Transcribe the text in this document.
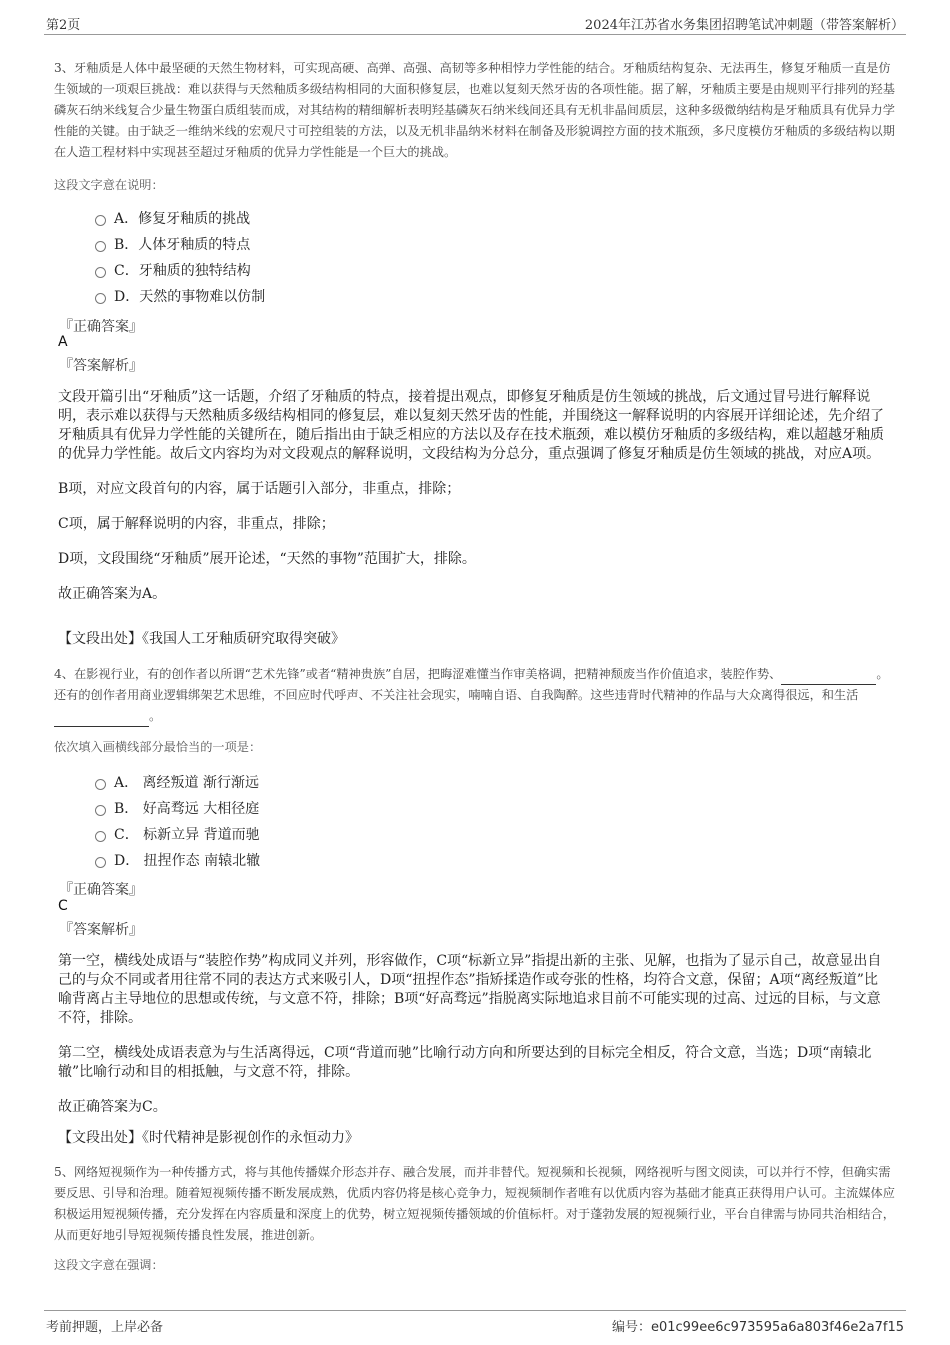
第2页	2024年江苏省水务集团招聘笔试冲刺题（带答案解析）

3、牙釉质是人体中最坚硬的天然生物材料，可实现高硬、高弹、高强、高韧等多种相悖力学性能的结合。牙釉质结构复杂、无法再生，修复牙釉质一直是仿生领域的一项艰巨挑战：难以获得与天然釉质多级结构相同的大面积修复层，也难以复刻天然牙齿的各项性能。据了解，牙釉质主要是由规则平行排列的羟基磷灰石纳米线复合少量生物蛋白质组装而成，对其结构的精细解析表明羟基磷灰石纳米线间还具有无机非晶间质层，这种多级微纳结构是牙釉质具有优异力学性能的关键。由于缺乏一维纳米线的宏观尺寸可控组装的方法，以及无机非晶纳米材料在制备及形貌调控方面的技术瓶颈，多尺度模仿牙釉质的多级结构以期在人造工程材料中实现甚至超过牙釉质的优异力学性能是一个巨大的挑战。

这段文字意在说明：
A．修复牙釉质的挑战
B．人体牙釉质的特点
C．牙釉质的独特结构
D．天然的事物难以仿制
『正确答案』
A
『答案解析』

文段开篇引出“牙釉质”这一话题，介绍了牙釉质的特点，接着提出观点，即修复牙釉质是仿生领域的挑战，后文通过冒号进行解释说明，表示难以获得与天然釉质多级结构相同的修复层，难以复刻天然牙齿的性能，并围绕这一解释说明的内容展开详细论述，先介绍了牙釉质具有优异力学性能的关键所在，随后指出由于缺乏相应的方法以及存在技术瓶颈，难以模仿牙釉质的多级结构，难以超越牙釉质的优异力学性能。故后文内容均为对文段观点的解释说明，文段结构为分总分，重点强调了修复牙釉质是仿生领域的挑战，对应A项。

B项，对应文段首句的内容，属于话题引入部分，非重点，排除；

C项，属于解释说明的内容，非重点，排除；

D项，文段围绕“牙釉质”展开论述，“天然的事物”范围扩大，排除。

故正确答案为A。

【文段出处】《我国人工牙釉质研究取得突破》

4、在影视行业，有的创作者以所谓“艺术先锋”或者“精神贵族”自居，把晦涩难懂当作审美格调，把精神颓废当作价值追求，装腔作势、	。还有的创作者用商业逻辑绑架艺术思维，不回应时代呼声、不关注社会现实，喃喃自语、自我陶醉。这些违背时代精神的作品与大众离得很远，和生活。

依次填入画横线部分最恰当的一项是：
A． 离经叛道 渐行渐远
B． 好高骛远 大相径庭
C． 标新立异 背道而驰
D． 扭捏作态 南辕北辙
『正确答案』
C
『答案解析』

第一空，横线处成语与“装腔作势”构成同义并列，形容做作，C项“标新立异”指提出新的主张、见解，也指为了显示自己，故意显出自己的与众不同或者用往常不同的表达方式来吸引人，D项“扭捏作态”指矫揉造作或夸张的性格，均符合文意，保留；A项“离经叛道”比喻背离占主导地位的思想或传统，与文意不符，排除；B项“好高骛远”指脱离实际地追求目前不可能实现的过高、过远的目标，与文意不符，排除。

第二空，横线处成语表意为与生活离得远，C项“背道而驰”比喻行动方向和所要达到的目标完全相反，符合文意，当选；D项“南辕北辙”比喻行动和目的相抵触，与文意不符，排除。

故正确答案为C。

【文段出处】《时代精神是影视创作的永恒动力》

5、网络短视频作为一种传播方式，将与其他传播媒介形态并存、融合发展，而并非替代。短视频和长视频，网络视听与图文阅读，可以并行不悖，但确实需要反思、引导和治理。随着短视频传播不断发展成熟，优质内容仍将是核心竞争力，短视频制作者唯有以优质内容为基础才能真正获得用户认可。主流媒体应积极运用短视频传播，充分发挥在内容质量和深度上的优势，树立短视频传播领域的价值标杆。对于蓬勃发展的短视频行业，平台自律需与协同共治相结合，从而更好地引导短视频传播良性发展，推进创新。

这段文字意在强调：
考前押题，上岸必备	编号：e01c99ee6c973595a6a803f46e2a7f15
